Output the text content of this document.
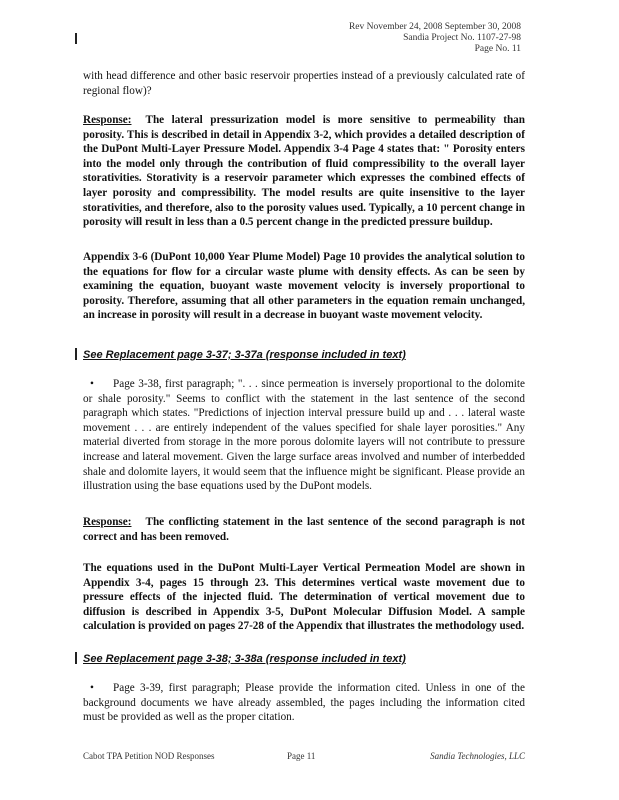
Rev November 24, 2008 September 30, 2008
Sandia Project No. 1107-27-98
Page No. 11

with head difference and other basic reservoir properties instead of a previously calculated rate of regional flow)?

Response: The lateral pressurization model is more sensitive to permeability than porosity. This is described in detail in Appendix 3-2, which provides a detailed description of the DuPont Multi-Layer Pressure Model. Appendix 3-4 Page 4 states that: " Porosity enters into the model only through the contribution of fluid compressibility to the overall layer storativities. Storativity is a reservoir parameter which expresses the combined effects of layer porosity and compressibility. The model results are quite insensitive to the layer storativities, and therefore, also to the porosity values used. Typically, a 10 percent change in porosity will result in less than a 0.5 percent change in the predicted pressure buildup.

Appendix 3-6 (DuPont 10,000 Year Plume Model) Page 10 provides the analytical solution to the equations for flow for a circular waste plume with density effects. As can be seen by examining the equation, buoyant waste movement velocity is inversely proportional to porosity. Therefore, assuming that all other parameters in the equation remain unchanged, an increase in porosity will result in a decrease in buoyant waste movement velocity.

See Replacement page 3-37; 3-37a (response included in text)

• Page 3-38, first paragraph; ". . . since permeation is inversely proportional to the dolomite or shale porosity." Seems to conflict with the statement in the last sentence of the second paragraph which states. "Predictions of injection interval pressure build up and . . . lateral waste movement . . . are entirely independent of the values specified for shale layer porosities." Any material diverted from storage in the more porous dolomite layers will not contribute to pressure increase and lateral movement. Given the large surface areas involved and number of interbedded shale and dolomite layers, it would seem that the influence might be significant. Please provide an illustration using the base equations used by the DuPont models.

Response: The conflicting statement in the last sentence of the second paragraph is not correct and has been removed.

The equations used in the DuPont Multi-Layer Vertical Permeation Model are shown in Appendix 3-4, pages 15 through 23. This determines vertical waste movement due to pressure effects of the injected fluid. The determination of vertical movement due to diffusion is described in Appendix 3-5, DuPont Molecular Diffusion Model. A sample calculation is provided on pages 27-28 of the Appendix that illustrates the methodology used.

See Replacement page 3-38; 3-38a (response included in text)

• Page 3-39, first paragraph; Please provide the information cited. Unless in one of the background documents we have already assembled, the pages including the information cited must be provided as well as the proper citation.

Cabot TPA Petition NOD Responses	Page 11	Sandia Technologies, LLC
